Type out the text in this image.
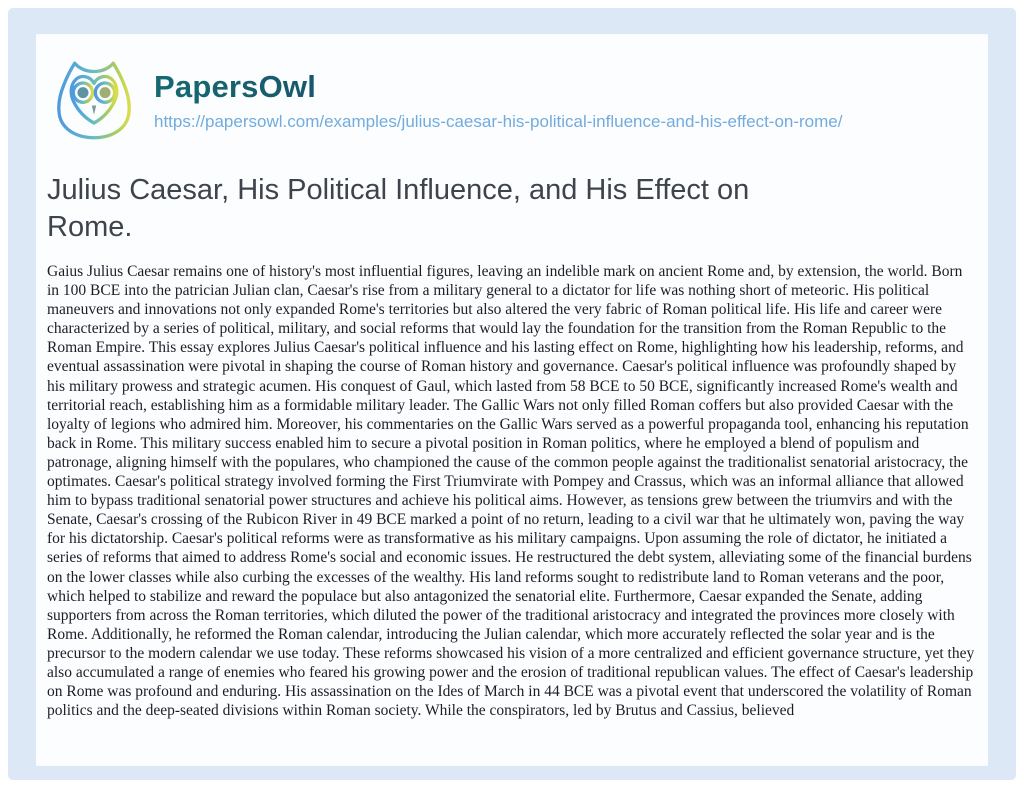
PapersOwl
https://papersowl.com/examples/julius-caesar-his-political-influence-and-his-effect-on-rome/
Julius Caesar, His Political Influence, and His Effect on Rome.

Gaius Julius Caesar remains one of history's most influential figures, leaving an indelible mark on ancient Rome and, by extension, the world. Born in 100 BCE into the patrician Julian clan, Caesar's rise from a military general to a dictator for life was nothing short of meteoric. His political maneuvers and innovations not only expanded Rome's territories but also altered the very fabric of Roman political life. His life and career were characterized by a series of political, military, and social reforms that would lay the foundation for the transition from the Roman Republic to the Roman Empire. This essay explores Julius Caesar's political influence and his lasting effect on Rome, highlighting how his leadership, reforms, and eventual assassination were pivotal in shaping the course of Roman history and governance. Caesar's political influence was profoundly shaped by his military prowess and strategic acumen. His conquest of Gaul, which lasted from 58 BCE to 50 BCE, significantly increased Rome's wealth and territorial reach, establishing him as a formidable military leader. The Gallic Wars not only filled Roman coffers but also provided Caesar with the loyalty of legions who admired him. Moreover, his commentaries on the Gallic Wars served as a powerful propaganda tool, enhancing his reputation back in Rome. This military success enabled him to secure a pivotal position in Roman politics, where he employed a blend of populism and patronage, aligning himself with the populares, who championed the cause of the common people against the traditionalist senatorial aristocracy, the optimates. Caesar's political strategy involved forming the First Triumvirate with Pompey and Crassus, which was an informal alliance that allowed him to bypass traditional senatorial power structures and achieve his political aims. However, as tensions grew between the triumvirs and with the Senate, Caesar's crossing of the Rubicon River in 49 BCE marked a point of no return, leading to a civil war that he ultimately won, paving the way for his dictatorship. Caesar's political reforms were as transformative as his military campaigns. Upon assuming the role of dictator, he initiated a series of reforms that aimed to address Rome's social and economic issues. He restructured the debt system, alleviating some of the financial burdens on the lower classes while also curbing the excesses of the wealthy. His land reforms sought to redistribute land to Roman veterans and the poor, which helped to stabilize and reward the populace but also antagonized the senatorial elite. Furthermore, Caesar expanded the Senate, adding supporters from across the Roman territories, which diluted the power of the traditional aristocracy and integrated the provinces more closely with Rome. Additionally, he reformed the Roman calendar, introducing the Julian calendar, which more accurately reflected the solar year and is the precursor to the modern calendar we use today. These reforms showcased his vision of a more centralized and efficient governance structure, yet they also accumulated a range of enemies who feared his growing power and the erosion of traditional republican values. The effect of Caesar's leadership on Rome was profound and enduring. His assassination on the Ides of March in 44 BCE was a pivotal event that underscored the volatility of Roman politics and the deep-seated divisions within Roman society. While the conspirators, led by Brutus and Cassius, believed
